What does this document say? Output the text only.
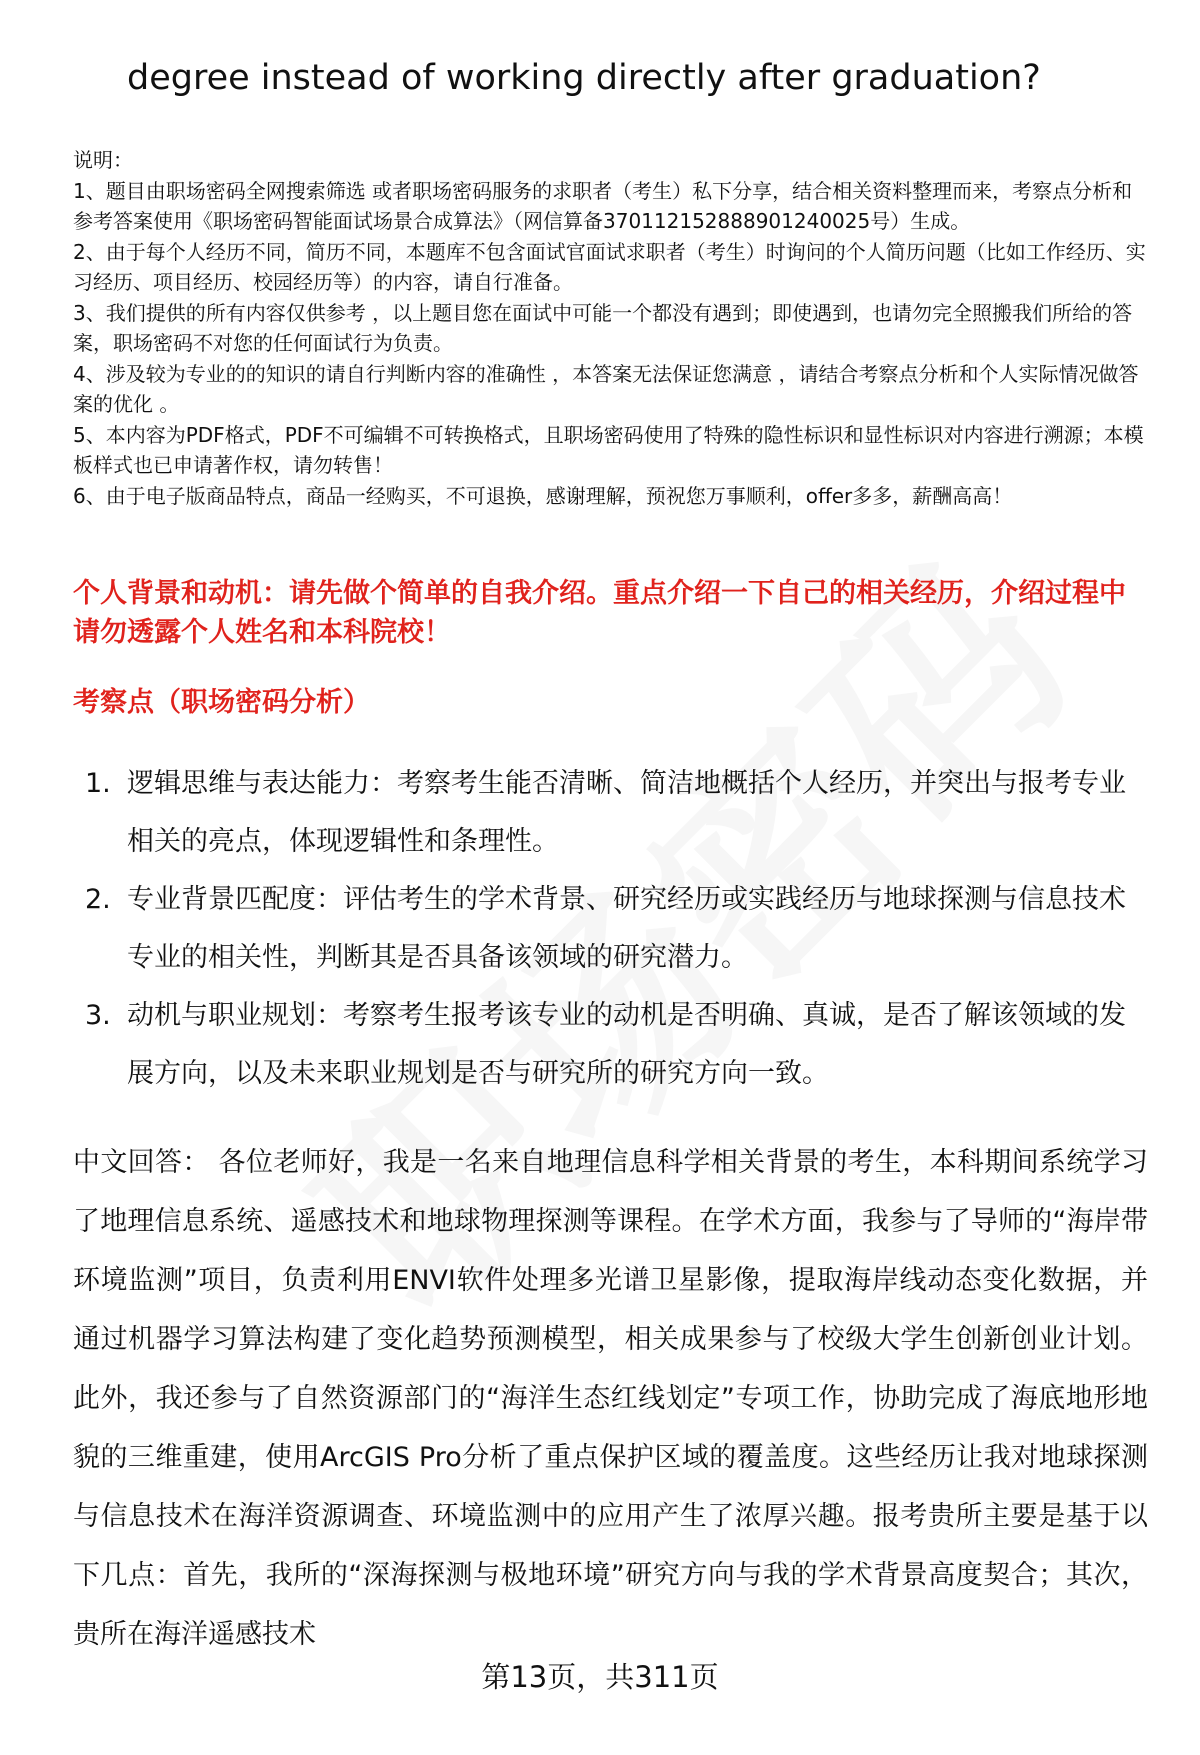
degree instead of working directly after graduation?
说明：
1、题目由职场密码全网搜索筛选 或者职场密码服务的求职者（考生）私下分享，结合相关资料整理而来，考察点分析和参考答案使用《职场密码智能面试场景合成算法》（网信算备370112152888901240025号）生成。
2、由于每个人经历不同，简历不同，本题库不包含面试官面试求职者（考生）时询问的个人简历问题（比如工作经历、实习经历、项目经历、校园经历等）的内容，请自行准备。
3、我们提供的所有内容仅供参考 ，以上题目您在面试中可能一个都没有遇到；即使遇到，也请勿完全照搬我们所给的答案，职场密码不对您的任何面试行为负责。
4、涉及较为专业的的知识的请自行判断内容的准确性 ，本答案无法保证您满意 ，请结合考察点分析和个人实际情况做答案的优化 。
5、本内容为PDF格式，PDF不可编辑不可转换格式，且职场密码使用了特殊的隐性标识和显性标识对内容进行溯源；本模板样式也已申请著作权，请勿转售！
6、由于电子版商品特点，商品一经购买，不可退换，感谢理解，预祝您万事顺利，offer多多，薪酬高高！
个人背景和动机：请先做个简单的自我介绍。重点介绍一下自己的相关经历，介绍过程中请勿透露个人姓名和本科院校！
考察点（职场密码分析）
1. 逻辑思维与表达能力：考察考生能否清晰、简洁地概括个人经历，并突出与报考专业相关的亮点，体现逻辑性和条理性。
2. 专业背景匹配度：评估考生的学术背景、研究经历或实践经历与地球探测与信息技术专业的相关性，判断其是否具备该领域的研究潜力。
3. 动机与职业规划：考察考生报考该专业的动机是否明确、真诚，是否了解该领域的发展方向，以及未来职业规划是否与研究所的研究方向一致。
中文回答： 各位老师好，我是一名来自地理信息科学相关背景的考生，本科期间系统学习了地理信息系统、遥感技术和地球物理探测等课程。在学术方面，我参与了导师的“海岸带环境监测”项目，负责利用ENVI软件处理多光谱卫星影像，提取海岸线动态变化数据，并通过机器学习算法构建了变化趋势预测模型，相关成果参与了校级大学生创新创业计划。此外，我还参与了自然资源部门的“海洋生态红线划定”专项工作，协助完成了海底地形地貌的三维重建，使用ArcGIS Pro分析了重点保护区域的覆盖度。这些经历让我对地球探测与信息技术在海洋资源调查、环境监测中的应用产生了浓厚兴趣。报考贵所主要是基于以下几点：首先，我所的“深海探测与极地环境”研究方向与我的学术背景高度契合；其次，贵所在海洋遥感技术
第13页，共311页
